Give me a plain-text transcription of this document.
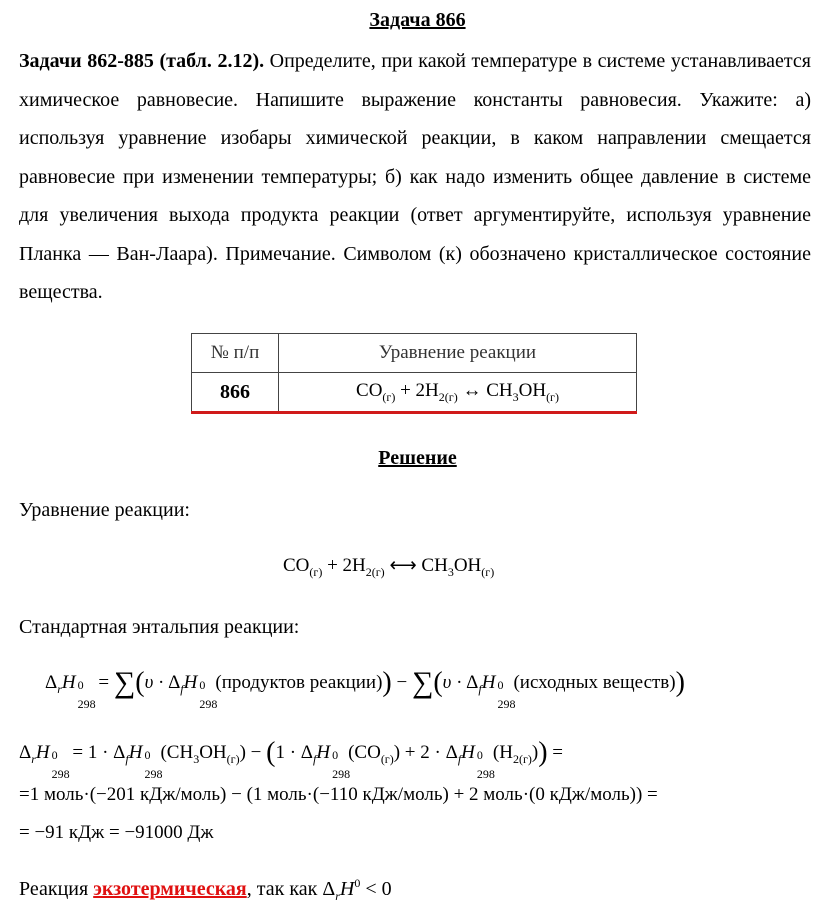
Задача 866
Задачи 862-885 (табл. 2.12). Определите, при какой температуре в системе устанавливается химическое равновесие. Напишите выражение константы равновесия. Укажите: а) используя уравнение изобары химической реакции, в каком направлении смещается равновесие при изменении температуры; б) как надо изменить общее давление в системе для увеличения выхода продукта реакции (ответ аргументируйте, используя уравнение Планка — Ван-Лаара). Примечание. Символом (к) обозначено кристаллическое состояние вещества.
№ п/п	Уравнение реакции
866	$CO_{(г)} + 2H_{2(г)}$ ↔ $CH_3OH_{(г)}$
Решение
Уравнение реакции:
$CO_{(г)} + 2H_{2(г)}$ ⟷ $CH_3OH_{(г)}$
Стандартная энтальпия реакции:
$\Delta_rH$ 0
298
= $\sum(\upsilon \cdot \Delta_fH$ 0
298
(продуктов реакции)) − $\sum(\upsilon \cdot \Delta_fH$ 0
298
(исходных веществ))
$\Delta_rH$ 0
298
= $1 \cdot \Delta_fH$ 0
298
$(CH_3OH_{(г)}) - (1 \cdot \Delta_fH$ 0
298
$(CO_{(г)}) + 2 \cdot \Delta_fH$ 0
298
$(H_{2(г)})$) =
=1 моль·(−201 кДж/моль) − (1 моль·(−110 кДж/моль) + 2 моль·(0 кДж/моль)) =
= −91 кДж = −91000 Дж
Реакция экзотермическая, так как $\Delta_rH^0 < 0$
